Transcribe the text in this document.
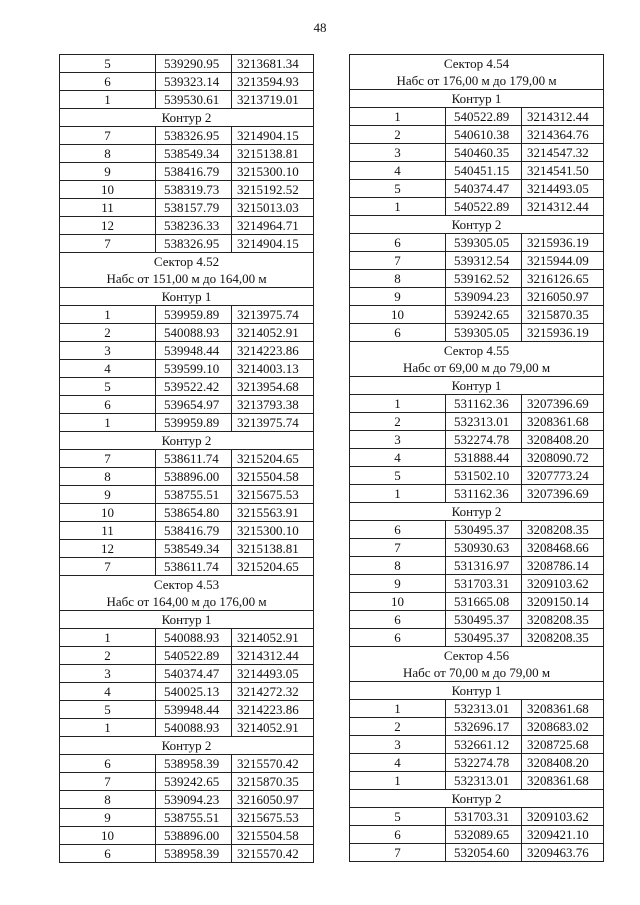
48
5	539290.95	3213681.34
6	539323.14	3213594.93
1	539530.61	3213719.01
Контур 2		
7	538326.95	3214904.15
8	538549.34	3215138.81
9	538416.79	3215300.10
10	538319.73	3215192.52
11	538157.79	3215013.03
12	538236.33	3214964.71
7	538326.95	3214904.15
Сектор 4.52		
Набс от 151,00 м до 164,00 м		
Контур 1		
1	539959.89	3213975.74
2	540088.93	3214052.91
3	539948.44	3214223.86
4	539599.10	3214003.13
5	539522.42	3213954.68
6	539654.97	3213793.38
1	539959.89	3213975.74
Контур 2		
7	538611.74	3215204.65
8	538896.00	3215504.58
9	538755.51	3215675.53
10	538654.80	3215563.91
11	538416.79	3215300.10
12	538549.34	3215138.81
7	538611.74	3215204.65
Сектор 4.53		
Набс от 164,00 м до 176,00 м		
Контур 1		
1	540088.93	3214052.91
2	540522.89	3214312.44
3	540374.47	3214493.05
4	540025.13	3214272.32
5	539948.44	3214223.86
1	540088.93	3214052.91
Контур 2		
6	538958.39	3215570.42
7	539242.65	3215870.35
8	539094.23	3216050.97
9	538755.51	3215675.53
10	538896.00	3215504.58
6	538958.39	3215570.42
Сектор 4.54		
Набс от 176,00 м до 179,00 м		
Контур 1		
1	540522.89	3214312.44
2	540610.38	3214364.76
3	540460.35	3214547.32
4	540451.15	3214541.50
5	540374.47	3214493.05
1	540522.89	3214312.44
Контур 2		
6	539305.05	3215936.19
7	539312.54	3215944.09
8	539162.52	3216126.65
9	539094.23	3216050.97
10	539242.65	3215870.35
6	539305.05	3215936.19
Сектор 4.55		
Набс от 69,00 м до 79,00 м		
Контур 1		
1	531162.36	3207396.69
2	532313.01	3208361.68
3	532274.78	3208408.20
4	531888.44	3208090.72
5	531502.10	3207773.24
1	531162.36	3207396.69
Контур 2		
6	530495.37	3208208.35
7	530930.63	3208468.66
8	531316.97	3208786.14
9	531703.31	3209103.62
10	531665.08	3209150.14
6	530495.37	3208208.35
6	530495.37	3208208.35
Сектор 4.56		
Набс от 70,00 м до 79,00 м		
Контур 1		
1	532313.01	3208361.68
2	532696.17	3208683.02
3	532661.12	3208725.68
4	532274.78	3208408.20
1	532313.01	3208361.68
Контур 2		
5	531703.31	3209103.62
6	532089.65	3209421.10
7	532054.60	3209463.76
